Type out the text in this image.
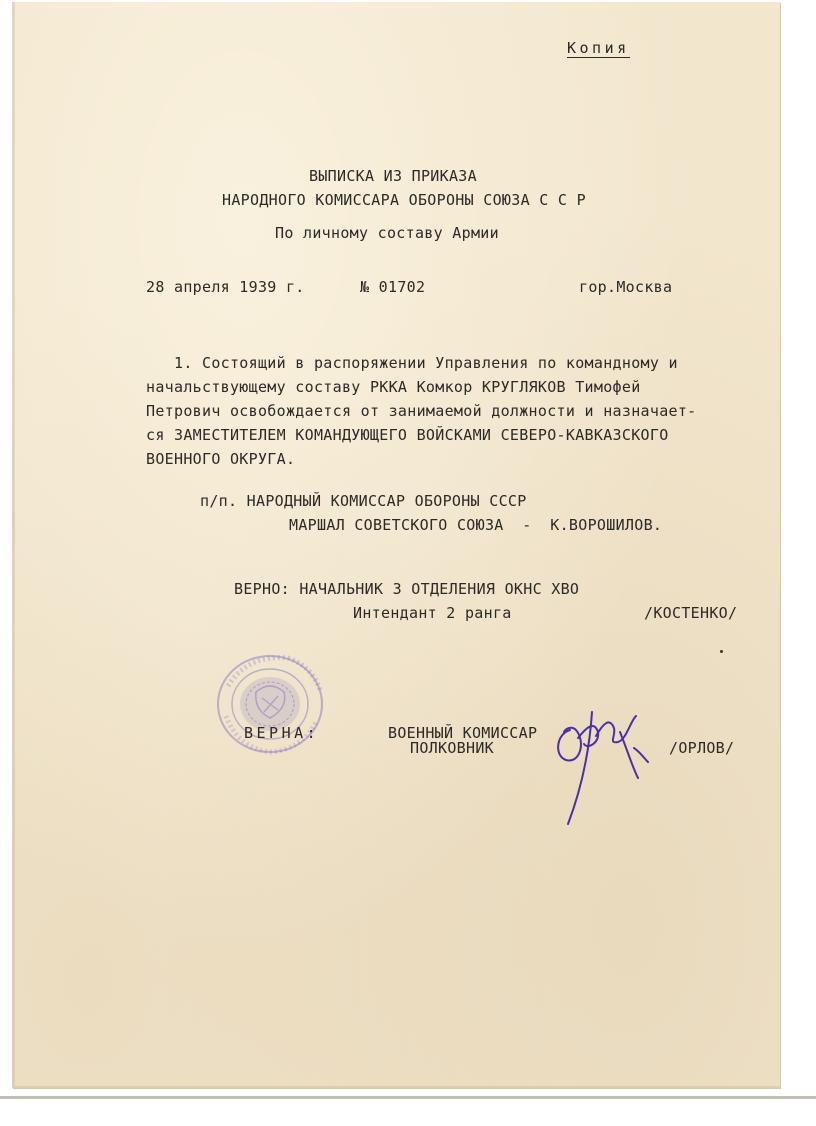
Копия
ВЫПИСКА ИЗ ПРИКАЗА
НАРОДНОГО КОМИССАРА ОБОРОНЫ СОЮЗА С С Р
По личному составу Армии
28 апреля 1939 г.	№ 01702	гор.Москва
1. Состоящий в распоряжении Управления по командному и
начальствующему составу РККА Комкор КРУГЛЯКОВ Тимофей
Петрович освобождается от занимаемой должности и назначает-
ся ЗАМЕСТИТЕЛЕМ КОМАНДУЮЩЕГО ВОЙСКАМИ СЕВЕРО-КАВКАЗСКОГО
ВОЕННОГО ОКРУГА.
п/п. НАРОДНЫЙ КОМИССАР ОБОРОНЫ СССР
МАРШАЛ СОВЕТСКОГО СОЮЗА  -  К.ВОРОШИЛОВ.
ВЕРНО: НАЧАЛЬНИК 3 ОТДЕЛЕНИЯ ОКНС ХВО
Интендант 2 ранга	/КОСТЕНКО/
ВЕРНА:	ВОЕННЫЙ КОМИССАР
ПОЛКОВНИК	/ОРЛОВ/
